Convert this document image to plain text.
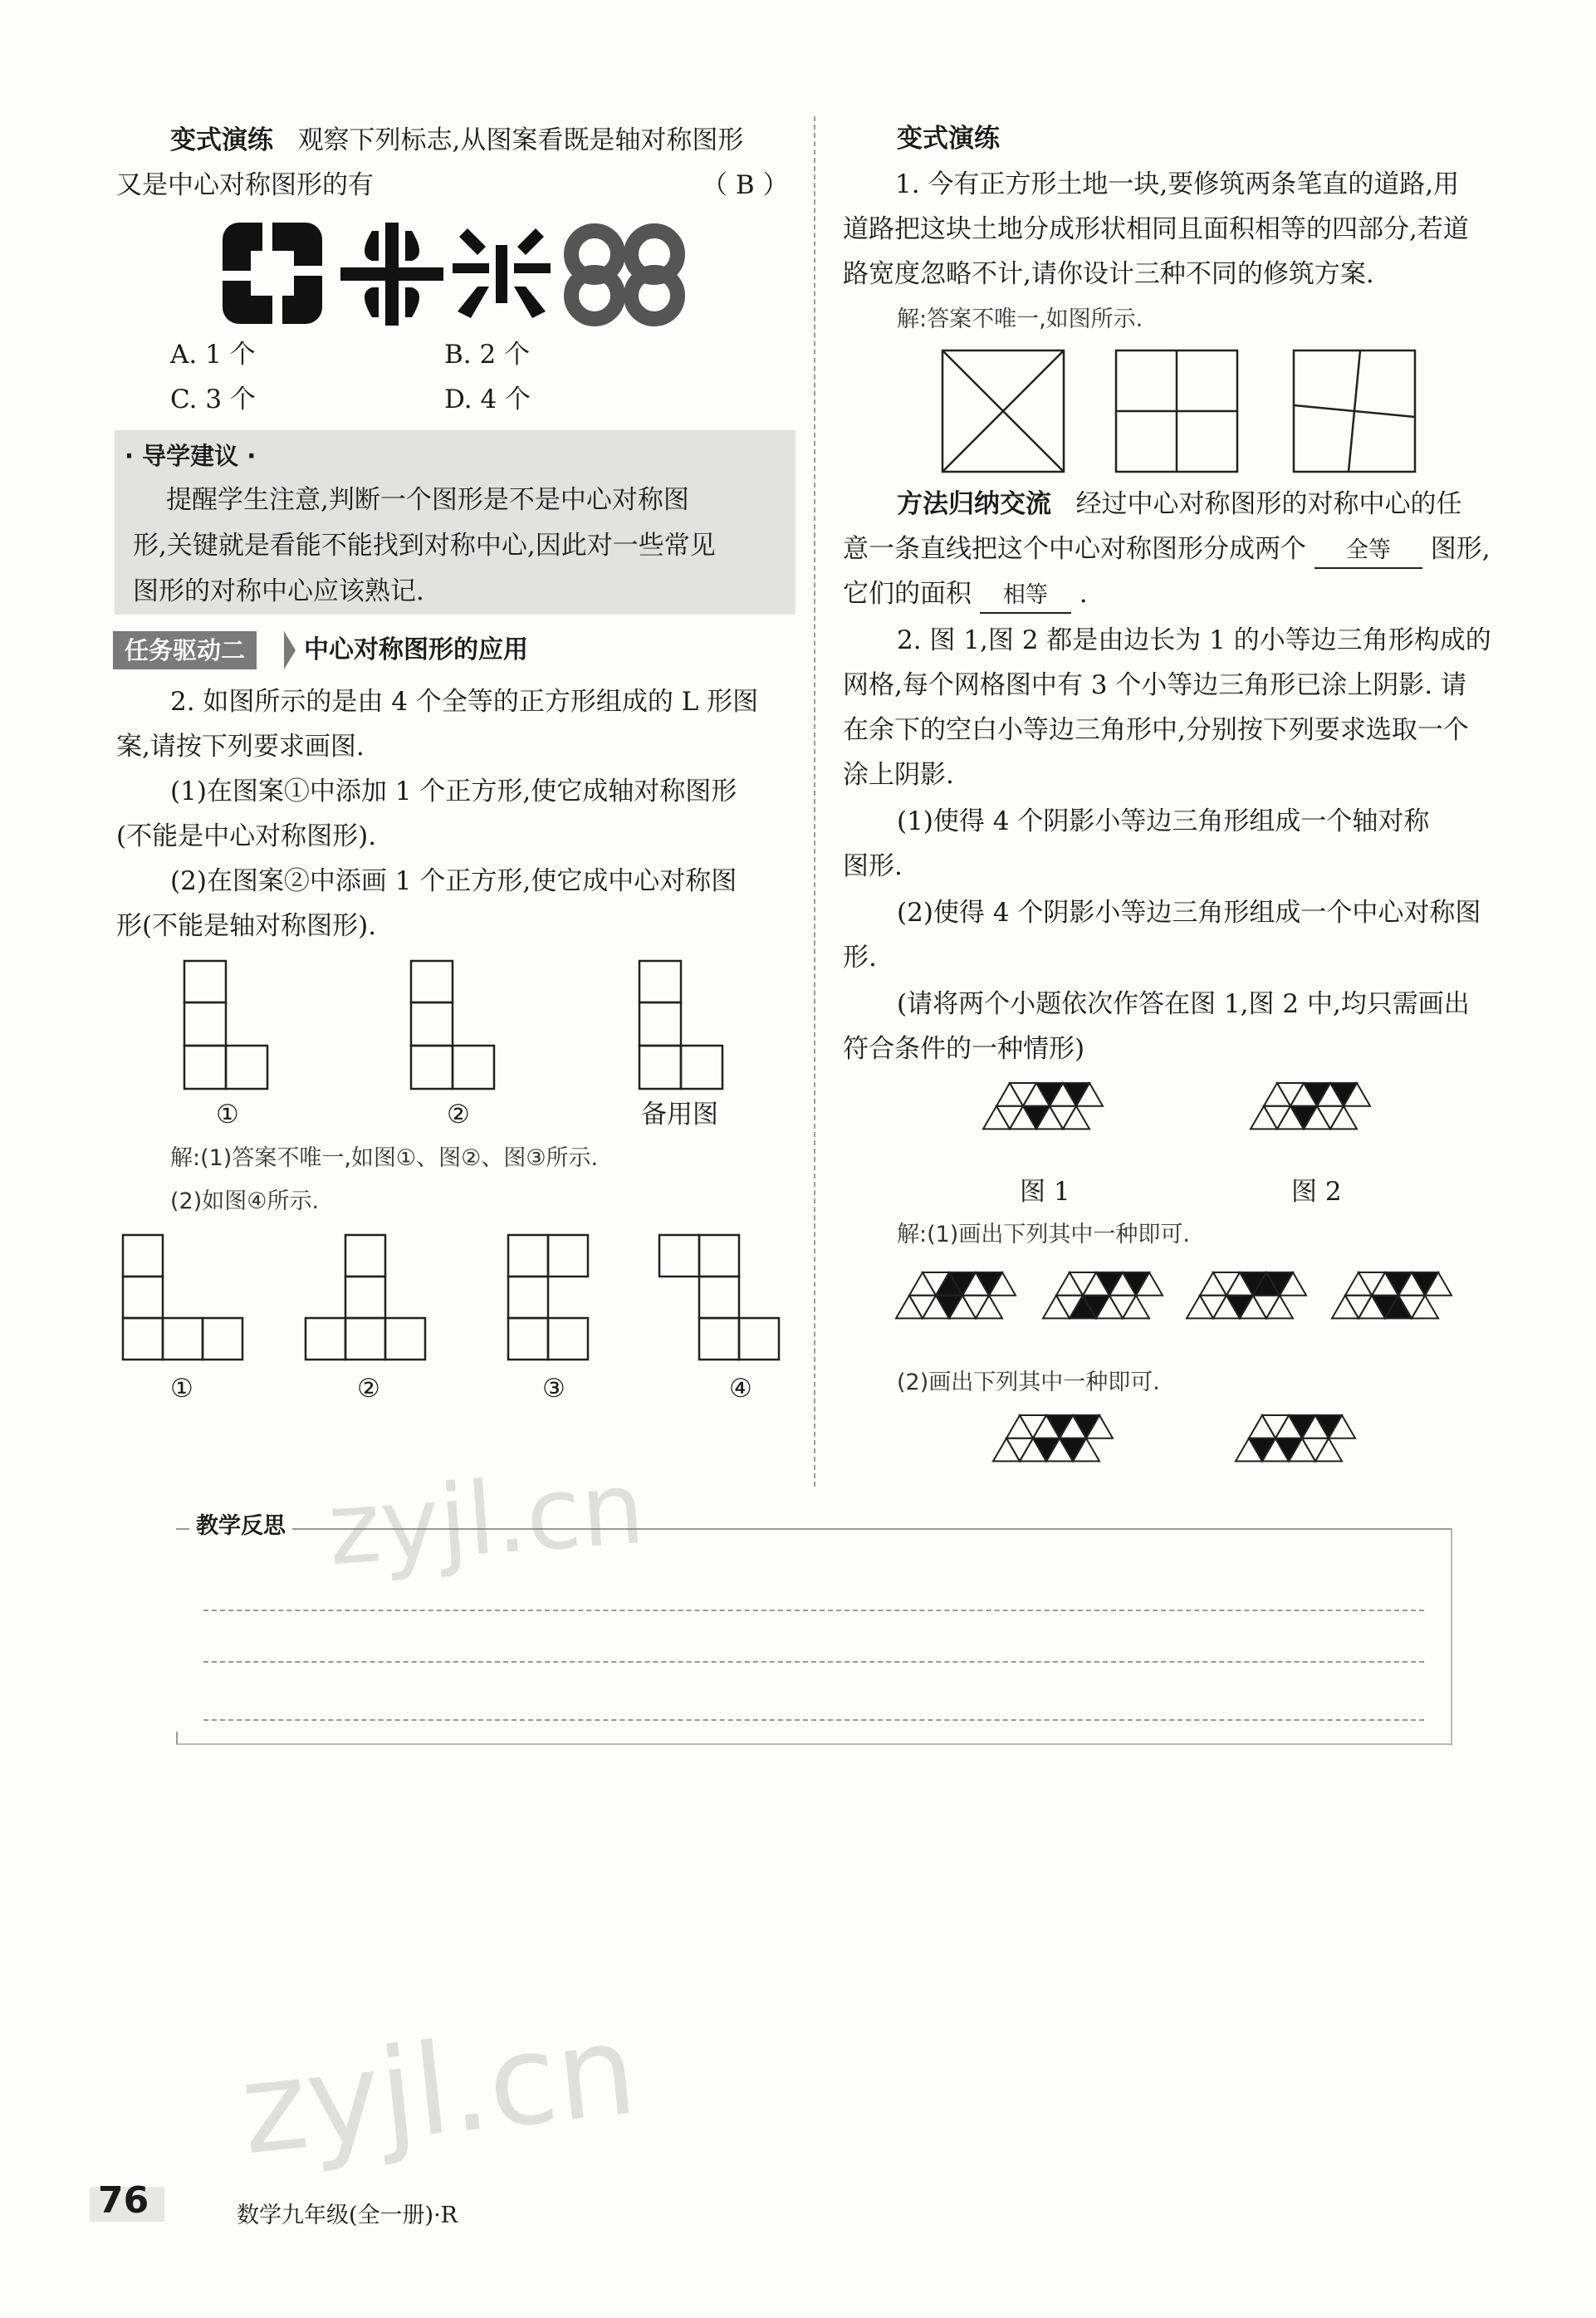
变式演练 观察下列标志,从图案看既是轴对称图形
又是中心对称图形的有	（ B ）
A. 1 个	B. 2 个
C. 3 个	D. 4 个
· 导学建议 ·
提醒学生注意,判断一个图形是不是中心对称图
形,关键就是看能不能找到对称中心,因此对一些常见
图形的对称中心应该熟记.
任务驱动二	中心对称图形的应用
2. 如图所示的是由 4 个全等的正方形组成的 L 形图
案,请按下列要求画图.
(1)在图案①中添加 1 个正方形,使它成轴对称图形
(不能是中心对称图形).
(2)在图案②中添画 1 个正方形,使它成中心对称图
形(不能是轴对称图形).
①	②	备用图
解:(1)答案不唯一,如图①、图②、图③所示.
(2)如图④所示.
①	②	③	④
变式演练
1. 今有正方形土地一块,要修筑两条笔直的道路,用
道路把这块土地分成形状相同且面积相等的四部分,若道
路宽度忽略不计,请你设计三种不同的修筑方案.
解:答案不唯一,如图所示.
方法归纳交流 经过中心对称图形的对称中心的任
意一条直线把这个中心对称图形分成两个 全等 图形,
它们的面积 相等 .
2. 图 1,图 2 都是由边长为 1 的小等边三角形构成的
网格,每个网格图中有 3 个小等边三角形已涂上阴影. 请
在余下的空白小等边三角形中,分别按下列要求选取一个
涂上阴影.
(1)使得 4 个阴影小等边三角形组成一个轴对称
图形.
(2)使得 4 个阴影小等边三角形组成一个中心对称图
形.
(请将两个小题依次作答在图 1,图 2 中,均只需画出
符合条件的一种情形)
图 1	图 2
解:(1)画出下列其中一种即可.
(2)画出下列其中一种即可.
教学反思 zyjl.cn
zyjl.cn
76	数学九年级(全一册)·R
